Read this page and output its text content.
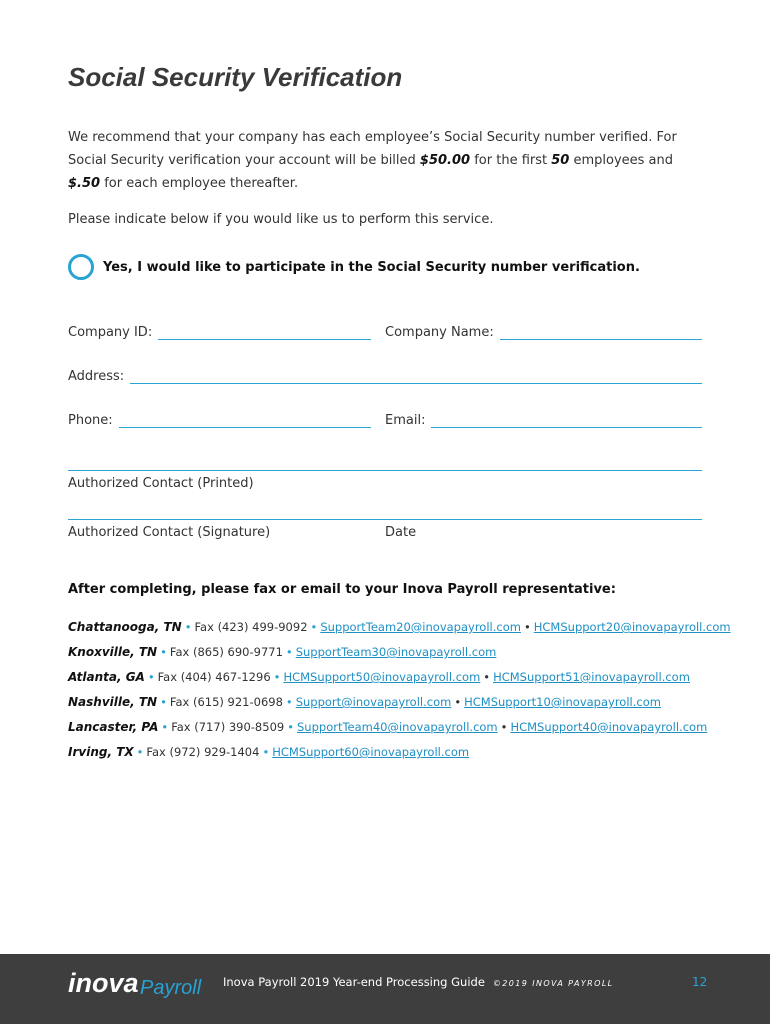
Social Security Verification
We recommend that your company has each employee’s Social Security number verified. For Social Security verification your account will be billed $50.00 for the first 50 employees and $.50 for each employee thereafter.
Please indicate below if you would like us to perform this service.
Yes, I would like to participate in the Social Security number verification.
Company ID:	Company Name:
Address:
Phone:	Email:
Authorized Contact (Printed)
Authorized Contact (Signature)	Date
After completing, please fax or email to your Inova Payroll representative:
Chattanooga, TN • Fax (423) 499-9092 • SupportTeam20@inovapayroll.com • HCMSupport20@inovapayroll.com
Knoxville, TN • Fax (865) 690-9771 • SupportTeam30@inovapayroll.com
Atlanta, GA • Fax (404) 467-1296 • HCMSupport50@inovapayroll.com • HCMSupport51@inovapayroll.com
Nashville, TN • Fax (615) 921-0698 • Support@inovapayroll.com • HCMSupport10@inovapayroll.com
Lancaster, PA • Fax (717) 390-8509 • SupportTeam40@inovapayroll.com • HCMSupport40@inovapayroll.com
Irving, TX • Fax (972) 929-1404 • HCMSupport60@inovapayroll.com
inova Payroll Inova Payroll 2019 Year-end Processing Guide ©2019 INOVA PAYROLL	12
